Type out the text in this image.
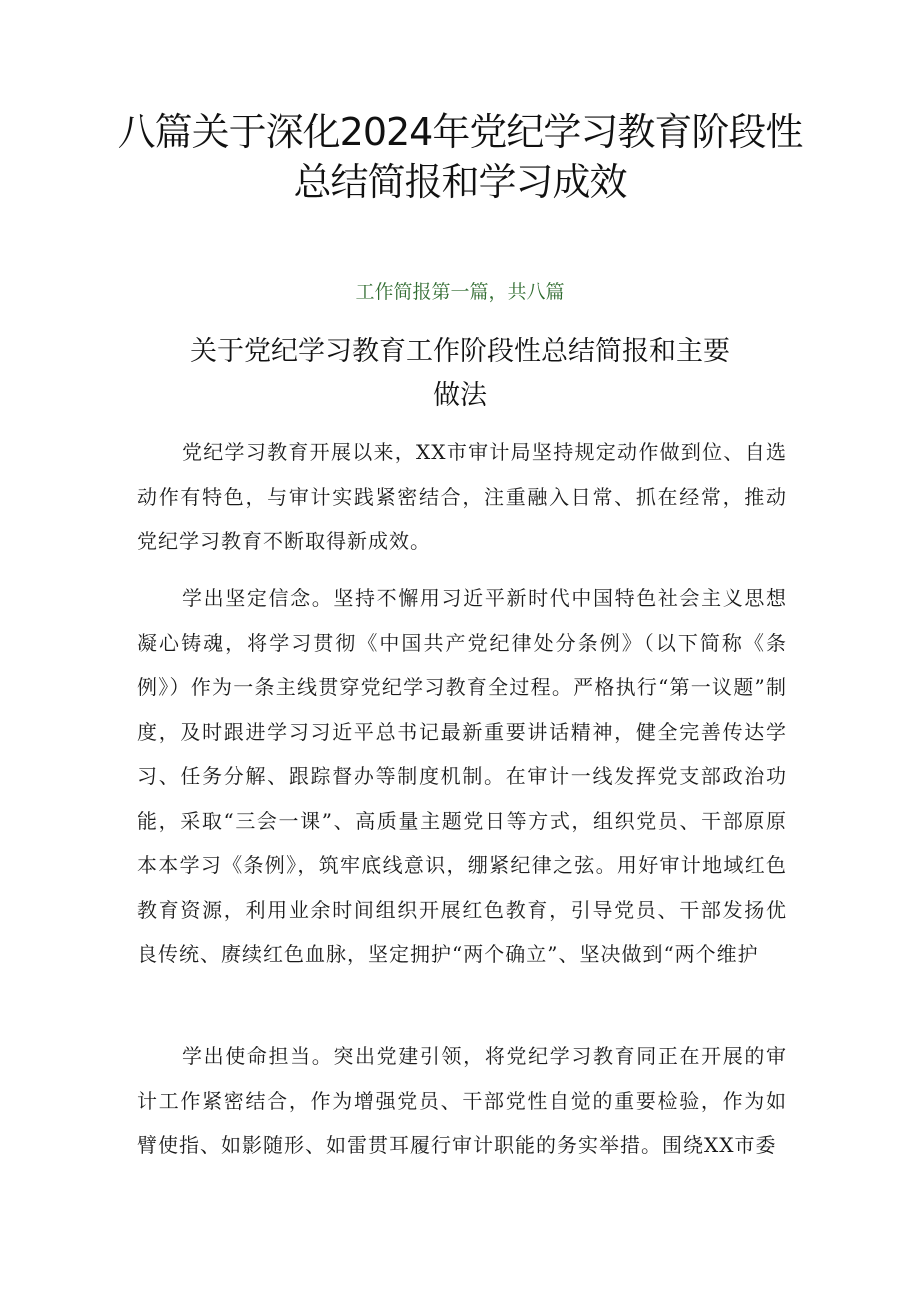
八篇关于深化2024年党纪学习教育阶段性
总结简报和学习成效
工作简报第一篇，共八篇
关于党纪学习教育工作阶段性总结简报和主要
做法

党纪学习教育开展以来，XX市审计局坚持规定动作做到位、自选动作有特色，与审计实践紧密结合，注重融入日常、抓在经常，推动党纪学习教育不断取得新成效。

学出坚定信念。坚持不懈用习近平新时代中国特色社会主义思想凝心铸魂，将学习贯彻《中国共产党纪律处分条例》（以下简称《条例》）作为一条主线贯穿党纪学习教育全过程。严格执行“第一议题”制度，及时跟进学习习近平总书记最新重要讲话精神，健全完善传达学习、任务分解、跟踪督办等制度机制。在审计一线发挥党支部政治功能，采取“三会一课”、高质量主题党日等方式，组织党员、干部原原本本学习《条例》，筑牢底线意识，绷紧纪律之弦。用好审计地域红色教育资源，利用业余时间组织开展红色教育，引导党员、干部发扬优良传统、赓续红色血脉，坚定拥护“两个确立”、坚决做到“两个维护

学出使命担当。突出党建引领，将党纪学习教育同正在开展的审计工作紧密结合，作为增强党员、干部党性自觉的重要检验，作为如臂使指、如影随形、如雷贯耳履行审计职能的务实举措。围绕XX市委
